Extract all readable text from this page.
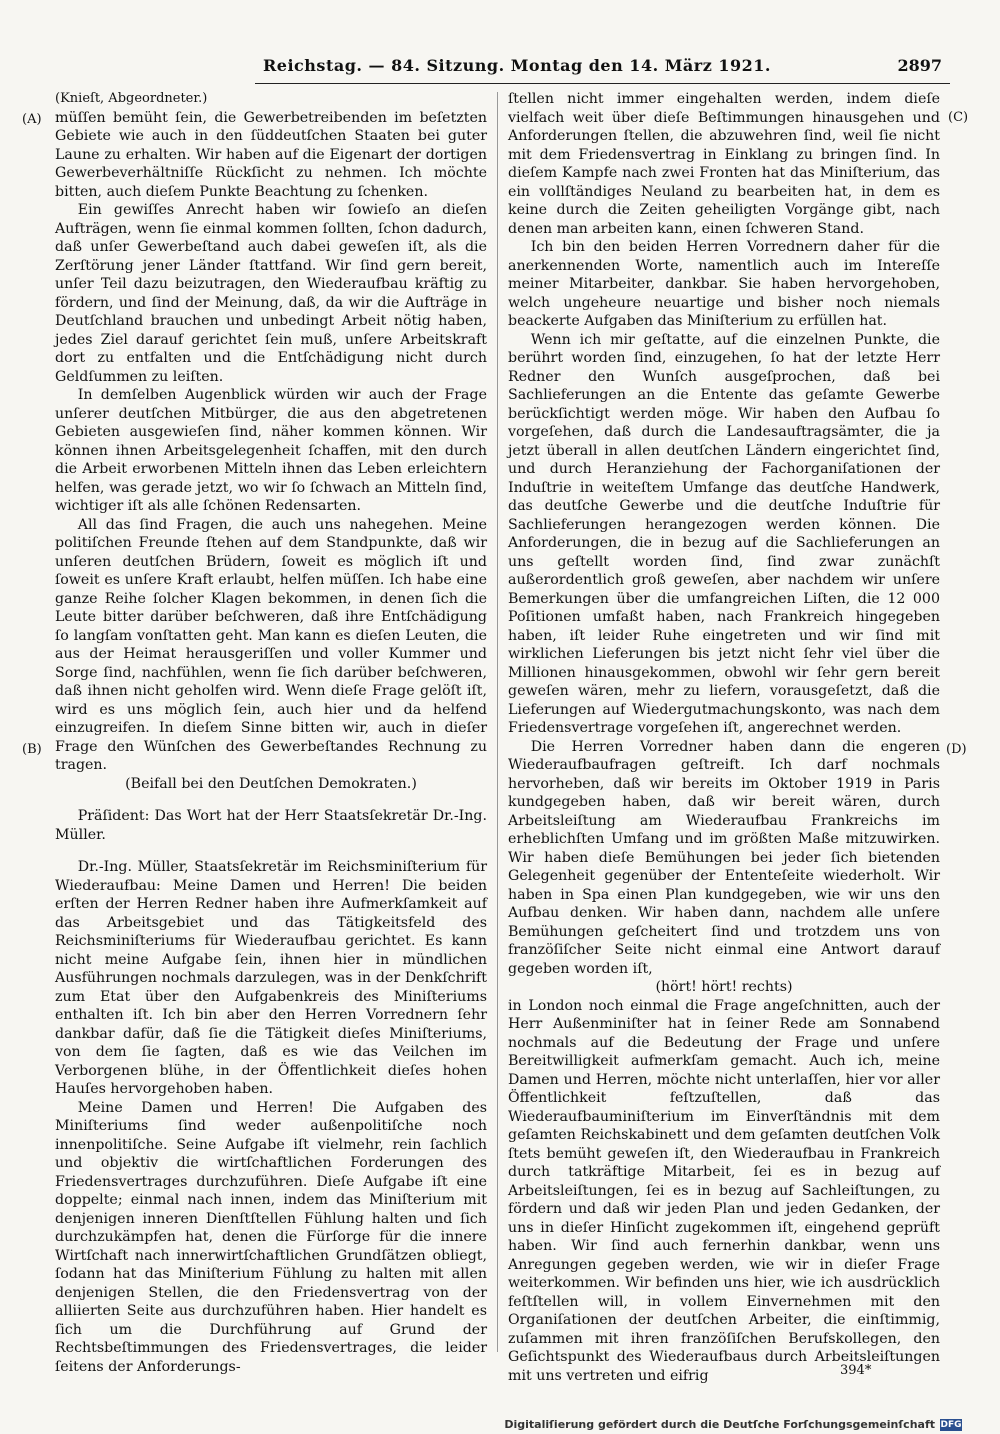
Reichstag. — 84. Sitzung. Montag den 14. März 1921.	2897
(A)
(B)
(C)
(D)

(Knieſt, Abgeordneter.)

müſſen bemüht ſein, die Gewerbetreibenden im beſetzten Gebiete wie auch in den ſüddeutſchen Staaten bei guter Laune zu erhalten. Wir haben auf die Eigenart der dortigen Gewerbeverhältniſſe Rückſicht zu nehmen. Ich möchte bitten, auch dieſem Punkte Beachtung zu ſchenken.

Ein gewiſſes Anrecht haben wir ſowieſo an dieſen Aufträgen, wenn ſie einmal kommen ſollten, ſchon dadurch, daß unſer Gewerbeſtand auch dabei geweſen iſt, als die Zerſtörung jener Länder ſtattfand. Wir ſind gern bereit, unſer Teil dazu beizutragen, den Wiederaufbau kräftig zu fördern, und ſind der Meinung, daß, da wir die Aufträge in Deutſchland brauchen und unbedingt Arbeit nötig haben, jedes Ziel darauf gerichtet ſein muß, unſere Arbeitskraft dort zu entfalten und die Entſchädigung nicht durch Geldſummen zu leiſten.

In demſelben Augenblick würden wir auch der Frage unſerer deutſchen Mitbürger, die aus den abgetretenen Gebieten ausgewieſen ſind, näher kommen können. Wir können ihnen Arbeitsgelegenheit ſchaffen, mit den durch die Arbeit erworbenen Mitteln ihnen das Leben erleichtern helfen, was gerade jetzt, wo wir ſo ſchwach an Mitteln ſind, wichtiger iſt als alle ſchönen Redensarten.

All das ſind Fragen, die auch uns nahegehen. Meine politiſchen Freunde ſtehen auf dem Standpunkte, daß wir unſeren deutſchen Brüdern, ſoweit es möglich iſt und ſoweit es unſere Kraft erlaubt, helfen müſſen. Ich habe eine ganze Reihe ſolcher Klagen bekommen, in denen ſich die Leute bitter darüber beſchweren, daß ihre Entſchädigung ſo langſam vonſtatten geht. Man kann es dieſen Leuten, die aus der Heimat herausgeriſſen und voller Kummer und Sorge ſind, nachfühlen, wenn ſie ſich darüber beſchweren, daß ihnen nicht geholfen wird. Wenn dieſe Frage gelöſt iſt, wird es uns möglich ſein, auch hier und da helfend einzugreifen. In dieſem Sinne bitten wir, auch in dieſer Frage den Wünſchen des Gewerbeſtandes Rechnung zu tragen.

(Beifall bei den Deutſchen Demokraten.)

Präſident: Das Wort hat der Herr Staatsſekretär Dr.-Ing. Müller.

Dr.-Ing. Müller, Staatsſekretär im Reichsminiſterium für Wiederaufbau: Meine Damen und Herren! Die beiden erſten der Herren Redner haben ihre Aufmerkſamkeit auf das Arbeitsgebiet und das Tätigkeitsfeld des Reichsminiſteriums für Wiederaufbau gerichtet. Es kann nicht meine Aufgabe ſein, ihnen hier in mündlichen Ausführungen nochmals darzulegen, was in der Denkſchrift zum Etat über den Aufgabenkreis des Miniſteriums enthalten iſt. Ich bin aber den Herren Vorrednern ſehr dankbar dafür, daß ſie die Tätigkeit dieſes Miniſteriums, von dem ſie ſagten, daß es wie das Veilchen im Verborgenen blühe, in der Öffentlichkeit dieſes hohen Hauſes hervorgehoben haben.

Meine Damen und Herren! Die Aufgaben des Miniſteriums ſind weder außenpolitiſche noch innenpolitiſche. Seine Aufgabe iſt vielmehr, rein ſachlich und objektiv die wirtſchaftlichen Forderungen des Friedensvertrages durchzuführen. Dieſe Aufgabe iſt eine doppelte; einmal nach innen, indem das Miniſterium mit denjenigen inneren Dienſtſtellen Fühlung halten und ſich durchzukämpfen hat, denen die Fürſorge für die innere Wirtſchaft nach innerwirtſchaftlichen Grundſätzen obliegt, ſodann hat das Miniſterium Fühlung zu halten mit allen denjenigen Stellen, die den Friedensvertrag von der alliierten Seite aus durchzuführen haben. Hier handelt es ſich um die Durchführung auf Grund der Rechtsbeſtimmungen des Friedensvertrages, die leider ſeitens der Anforderungs-

ſtellen nicht immer eingehalten werden, indem dieſe vielfach weit über dieſe Beſtimmungen hinausgehen und Anforderungen ſtellen, die abzuwehren ſind, weil ſie nicht mit dem Friedensvertrag in Einklang zu bringen ſind. In dieſem Kampfe nach zwei Fronten hat das Miniſterium, das ein vollſtändiges Neuland zu bearbeiten hat, in dem es keine durch die Zeiten geheiligten Vorgänge gibt, nach denen man arbeiten kann, einen ſchweren Stand.

Ich bin den beiden Herren Vorrednern daher für die anerkennenden Worte, namentlich auch im Intereſſe meiner Mitarbeiter, dankbar. Sie haben hervorgehoben, welch ungeheure neuartige und bisher noch niemals beackerte Aufgaben das Miniſterium zu erfüllen hat.

Wenn ich mir geſtatte, auf die einzelnen Punkte, die berührt worden ſind, einzugehen, ſo hat der letzte Herr Redner den Wunſch ausgeſprochen, daß bei Sachlieferungen an die Entente das geſamte Gewerbe berückſichtigt werden möge. Wir haben den Aufbau ſo vorgeſehen, daß durch die Landesauftragsämter, die ja jetzt überall in allen deutſchen Ländern eingerichtet ſind, und durch Heranziehung der Fachorganiſationen der Induſtrie in weiteſtem Umfange das deutſche Handwerk, das deutſche Gewerbe und die deutſche Induſtrie für Sachlieferungen herangezogen werden können. Die Anforderungen, die in bezug auf die Sachlieferungen an uns geſtellt worden ſind, ſind zwar zunächſt außerordentlich groß geweſen, aber nachdem wir unſere Bemerkungen über die umfangreichen Liſten, die 12 000 Poſitionen umfaßt haben, nach Frankreich hingegeben haben, iſt leider Ruhe eingetreten und wir ſind mit wirklichen Lieferungen bis jetzt nicht ſehr viel über die Millionen hinausgekommen, obwohl wir ſehr gern bereit geweſen wären, mehr zu liefern, vorausgeſetzt, daß die Lieferungen auf Wiedergutmachungskonto, was nach dem Friedensvertrage vorgeſehen iſt, angerechnet werden.

Die Herren Vorredner haben dann die engeren Wiederaufbaufragen geſtreift. Ich darf nochmals hervorheben, daß wir bereits im Oktober 1919 in Paris kundgegeben haben, daß wir bereit wären, durch Arbeitsleiſtung am Wiederaufbau Frankreichs im erheblichſten Umfang und im größten Maße mitzuwirken. Wir haben dieſe Bemühungen bei jeder ſich bietenden Gelegenheit gegenüber der Ententeſeite wiederholt. Wir haben in Spa einen Plan kundgegeben, wie wir uns den Aufbau denken. Wir haben dann, nachdem alle unſere Bemühungen geſcheitert ſind und trotzdem uns von franzöſiſcher Seite nicht einmal eine Antwort darauf gegeben worden iſt,

(hört! hört! rechts)

in London noch einmal die Frage angeſchnitten, auch der Herr Außenminiſter hat in ſeiner Rede am Sonnabend nochmals auf die Bedeutung der Frage und unſere Bereitwilligkeit aufmerkſam gemacht. Auch ich, meine Damen und Herren, möchte nicht unterlaſſen, hier vor aller Öffentlichkeit feſtzuſtellen, daß das Wiederaufbauminiſterium im Einverſtändnis mit dem geſamten Reichskabinett und dem geſamten deutſchen Volk ſtets bemüht geweſen iſt, den Wiederaufbau in Frankreich durch tatkräftige Mitarbeit, ſei es in bezug auf Arbeitsleiſtungen, ſei es in bezug auf Sachleiſtungen, zu fördern und daß wir jeden Plan und jeden Gedanken, der uns in dieſer Hinſicht zugekommen iſt, eingehend geprüft haben. Wir ſind auch fernerhin dankbar, wenn uns Anregungen gegeben werden, wie wir in dieſer Frage weiterkommen. Wir befinden uns hier, wie ich ausdrücklich feſtſtellen will, in vollem Einvernehmen mit den Organiſationen der deutſchen Arbeiter, die einſtimmig, zuſammen mit ihren franzöſiſchen Berufskollegen, den Geſichtspunkt des Wiederaufbaus durch Arbeitsleiſtungen mit uns vertreten und eifrig	394*
Digitaliſierung gefördert durch die Deutſche Forſchungsgemeinſchaft DFG
